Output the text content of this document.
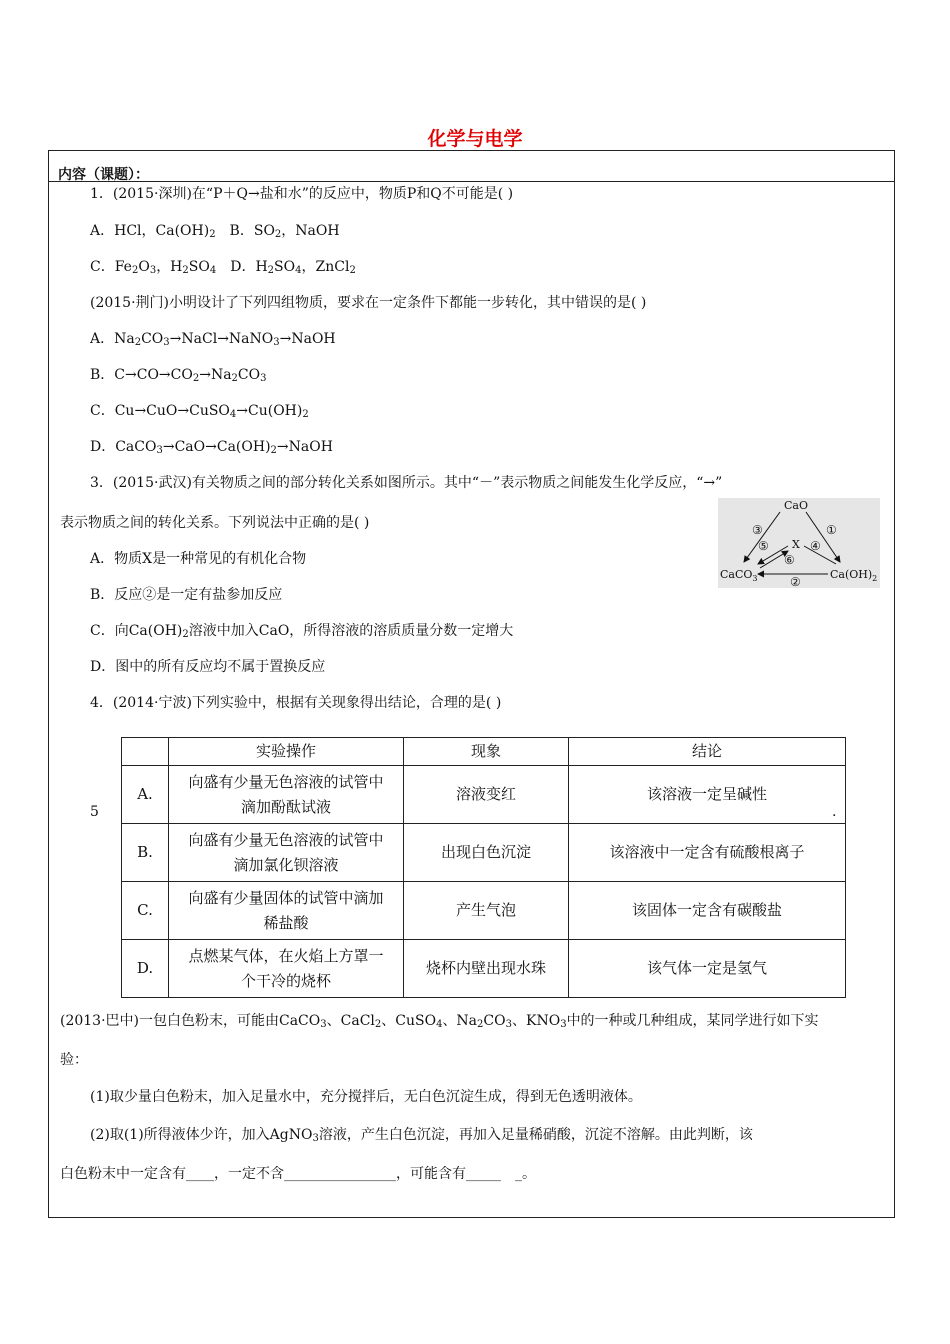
化学与电学
内容（课题）：
1．(2015·深圳)在“P＋Q→盐和水”的反应中，物质P和Q不可能是( )
A．HCl，$Ca(OH)_2$　B．$SO_2$，NaOH
C．$Fe_2O_3$，$H_2SO_4$　D．$H_2SO_4$，ZnCl$_2$
(2015·荆门)小明设计了下列四组物质，要求在一定条件下都能一步转化，其中错误的是( )
A．$Na_2CO_3\to NaCl\to NaNO_3\to NaOH$
B．$C\to CO\to CO_2\to Na_2CO_3$
C．$Cu\to CuO\to CuSO_4\to Cu(OH)_2$
D．$CaCO_3\to CaO\to Ca(OH)_2\to NaOH$
3．(2015·武汉)有关物质之间的部分转化关系如图所示。其中“－”表示物质之间能发生化学反应，“→”
表示物质之间的转化关系。下列说法中正确的是( )
A．物质X是一种常见的有机化合物
B．反应②是一定有盐参加反应
C．向$Ca(OH)_2$溶液中加入CaO，所得溶液的溶质质量分数一定增大
D．图中的所有反应均不属于置换反应
CaO
CaCO$_3$	$Ca(OH)_2$
X
③	①
⑤	④
⑥
②
4．(2014·宁波)下列实验中，根据有关现象得出结论，合理的是( )
5	.
	实验操作	现象	结论
A.	向盛有少量无色溶液的试管中
滴加酚酞试液	溶液变红	该溶液一定呈碱性
B.	向盛有少量无色溶液的试管中
滴加氯化钡溶液	出现白色沉淀	该溶液中一定含有硫酸根离子
C.	向盛有少量固体的试管中滴加
稀盐酸	产生气泡	该固体一定含有碳酸盐
D.	点燃某气体，在火焰上方罩一
个干冷的烧杯	烧杯内壁出现水珠	该气体一定是氢气
(2013·巴中)一包白色粉末，可能由CaCO$_3$、CaCl$_2$、CuSO$_4$、$Na_2CO_3$、$KNO_3$中的一种或几种组成，某同学进行如下实
验：
(1)取少量白色粉末，加入足量水中，充分搅拌后，无白色沉淀生成，得到无色透明液体。
(2)取(1)所得液体少许，加入AgNO$_3$溶液，产生白色沉淀，再加入足量稀硝酸，沉淀不溶解。由此判断，该
白色粉末中一定含有____，一定不含________________，可能含有_____　_。
